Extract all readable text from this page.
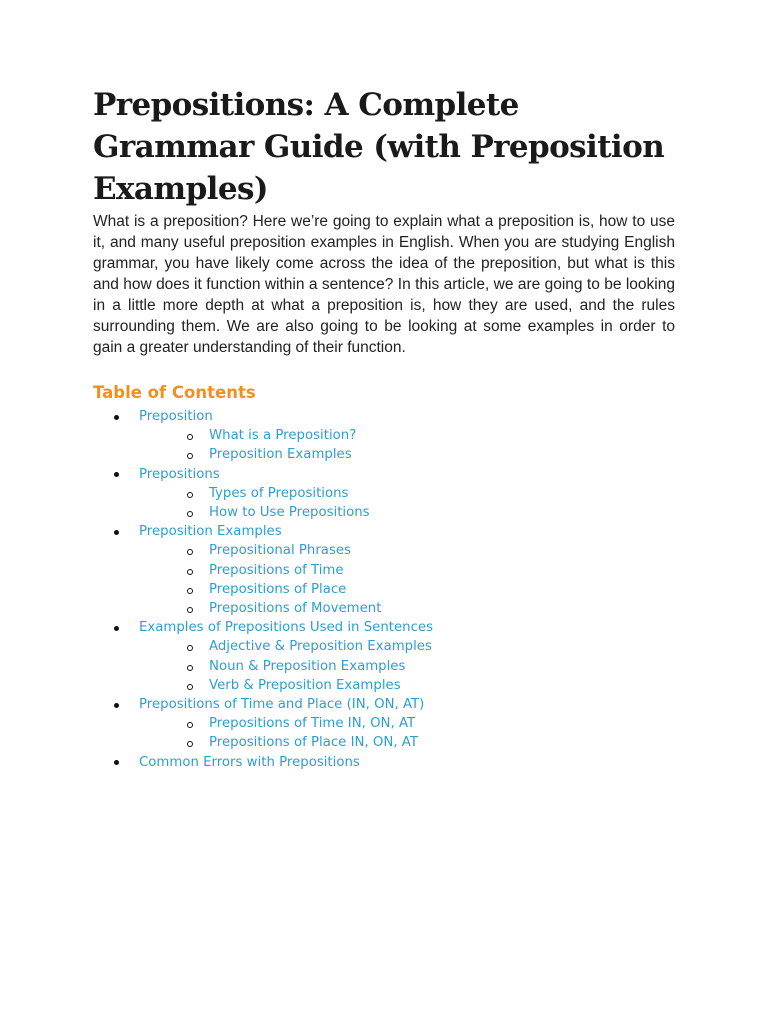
Prepositions: A Complete Grammar Guide (with Preposition Examples)

What is a preposition? Here we’re going to explain what a preposition is, how to use it, and many useful preposition examples in English. When you are studying English grammar, you have likely come across the idea of the preposition, but what is this and how does it function within a sentence? In this article, we are going to be looking in a little more depth at what a preposition is, how they are used, and the rules surrounding them. We are also going to be looking at some examples in order to gain a greater understanding of their function.

Table of Contents
Preposition
What is a Preposition?
Preposition Examples
Prepositions
Types of Prepositions
How to Use Prepositions
Preposition Examples
Prepositional Phrases
Prepositions of Time
Prepositions of Place
Prepositions of Movement
Examples of Prepositions Used in Sentences
Adjective & Preposition Examples
Noun & Preposition Examples
Verb & Preposition Examples
Prepositions of Time and Place (IN, ON, AT)
Prepositions of Time IN, ON, AT
Prepositions of Place IN, ON, AT
Common Errors with Prepositions
